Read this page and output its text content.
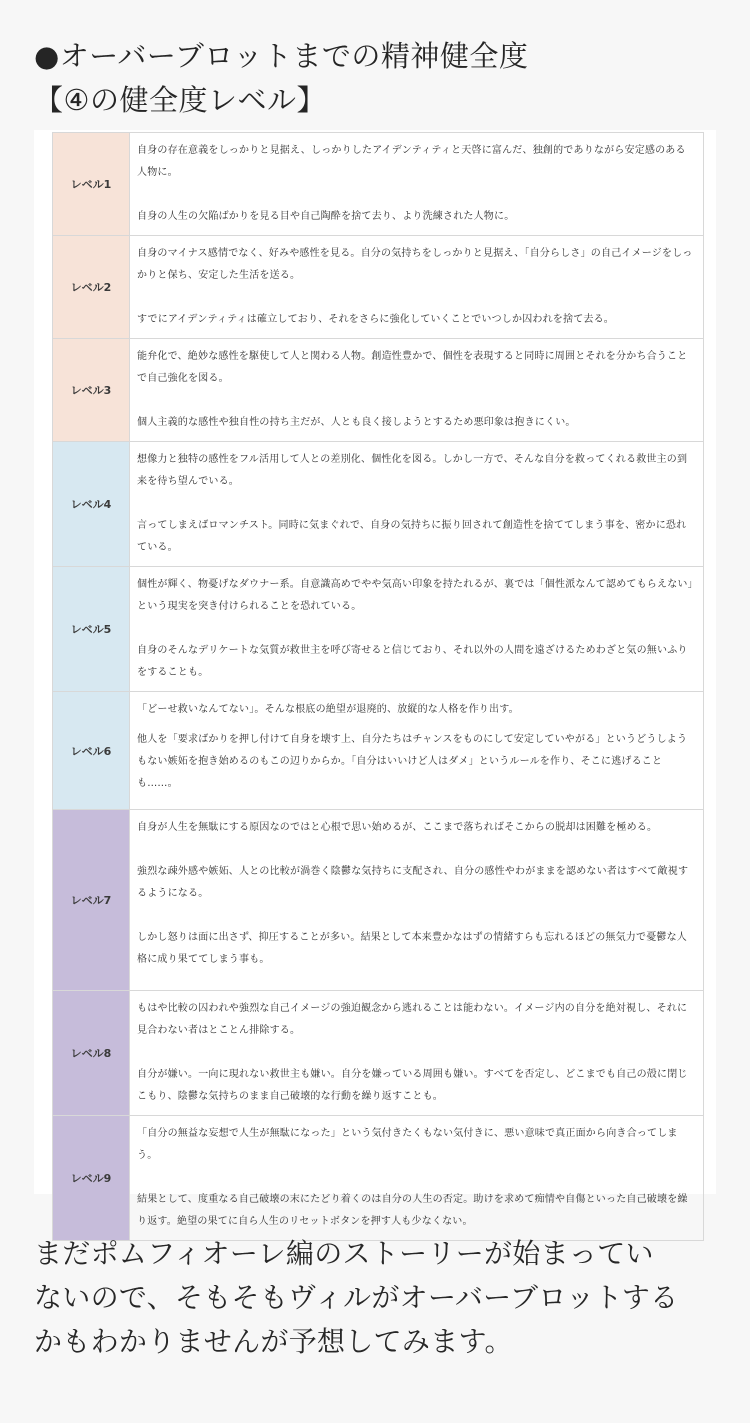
●オーバーブロットまでの精神健全度
【④の健全度レベル】
レベル1	自身の存在意義をしっかりと見据え、しっかりしたアイデンティティと天啓に富んだ、独創的でありながら安定感のある人物に。

自身の人生の欠陥ばかりを見る目や自己陶酔を捨て去り、より洗練された人物に。

レベル2	自身のマイナス感情でなく、好みや感性を見る。自分の気持ちをしっかりと見据え、「自分らしさ」の自己イメージをしっかりと保ち、安定した生活を送る。

すでにアイデンティティは確立しており、それをさらに強化していくことでいつしか囚われを捨て去る。

レベル3	能弁化で、絶妙な感性を駆使して人と関わる人物。創造性豊かで、個性を表現すると同時に周囲とそれを分かち合うことで自己強化を図る。

個人主義的な感性や独自性の持ち主だが、人とも良く接しようとするため悪印象は抱きにくい。

レベル4	想像力と独特の感性をフル活用して人との差別化、個性化を図る。しかし一方で、そんな自分を救ってくれる救世主の到来を待ち望んでいる。

言ってしまえばロマンチスト。同時に気まぐれで、自身の気持ちに振り回されて創造性を捨ててしまう事を、密かに恐れている。

レベル5	個性が輝く、物憂げなダウナー系。自意識高めでやや気高い印象を持たれるが、裏では「個性派なんて認めてもらえない」という現実を突き付けられることを恐れている。

自身のそんなデリケートな気質が救世主を呼び寄せると信じており、それ以外の人間を遠ざけるためわざと気の無いふりをすることも。

レベル6	「どーせ救いなんてない」。そんな根底の絶望が退廃的、放縦的な人格を作り出す。

他人を「要求ばかりを押し付けて自身を壊す上、自分たちはチャンスをものにして安定していやがる」というどうしようもない嫉妬を抱き始めるのもこの辺りからか。「自分はいいけど人はダメ」というルールを作り、そこに逃げることも……。

レベル7	自身が人生を無駄にする原因なのではと心根で思い始めるが、ここまで落ちればそこからの脱却は困難を極める。

強烈な疎外感や嫉妬、人との比較が渦巻く陰鬱な気持ちに支配され、自分の感性やわがままを認めない者はすべて敵視するようになる。

しかし怒りは面に出さず、抑圧することが多い。結果として本来豊かなはずの情緒すらも忘れるほどの無気力で憂鬱な人格に成り果ててしまう事も。

レベル8	もはや比較の囚われや強烈な自己イメージの強迫観念から逃れることは能わない。イメージ内の自分を絶対視し、それに見合わない者はとことん排除する。

自分が嫌い。一向に現れない救世主も嫌い。自分を嫌っている周囲も嫌い。すべてを否定し、どこまでも自己の殻に閉じこもり、陰鬱な気持ちのまま自己破壊的な行動を繰り返すことも。

レベル9	「自分の無益な妄想で人生が無駄になった」という気付きたくもない気付きに、悪い意味で真正面から向き合ってしまう。

結果として、度重なる自己破壊の末にたどり着くのは自分の人生の否定。助けを求めて痴情や自傷といった自己破壊を繰り返す。絶望の果てに自ら人生のリセットボタンを押す人も少なくない。

まだポムフィオーレ編のストーリーが始まってい
ないので、そもそもヴィルがオーバーブロットする
かもわかりませんが予想してみます。
